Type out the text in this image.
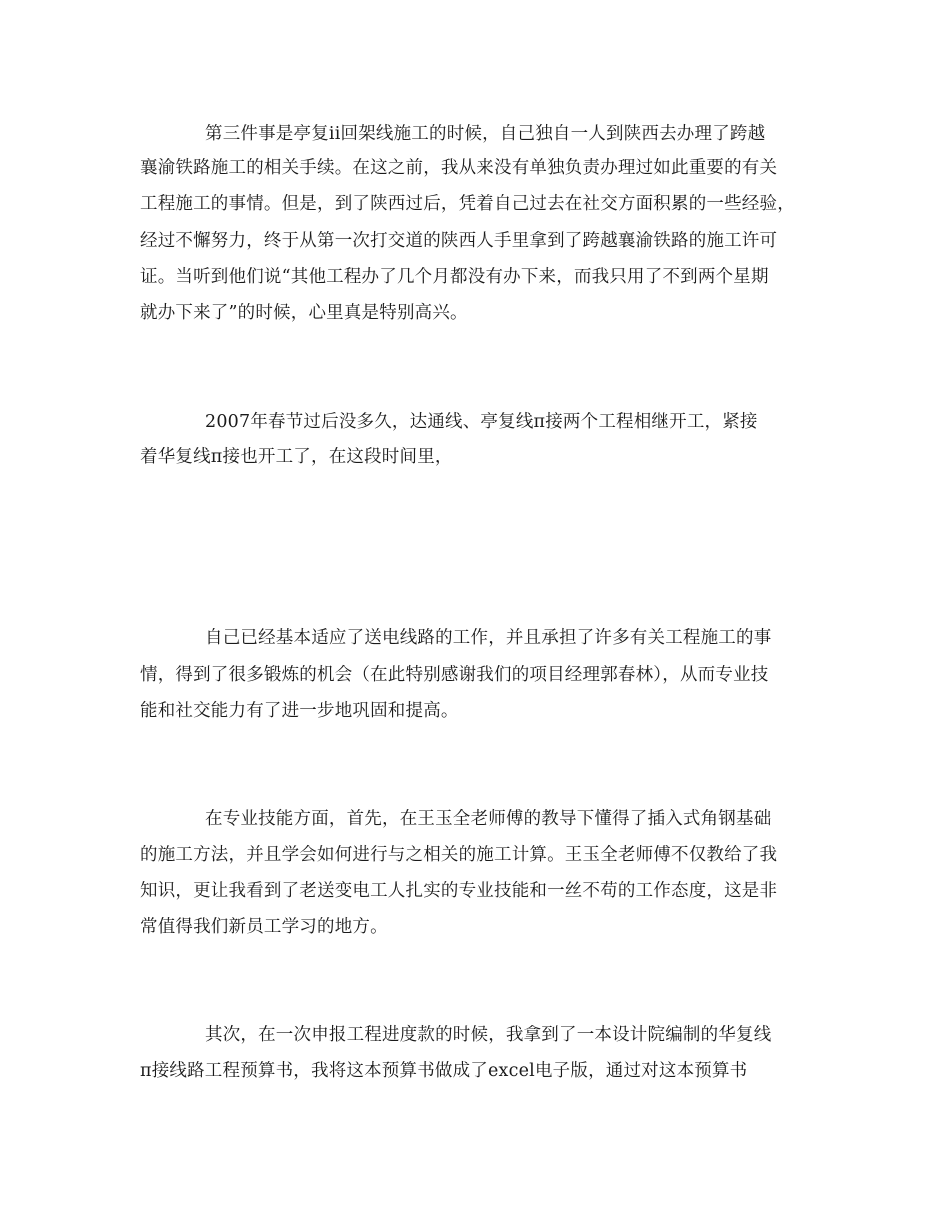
第三件事是亭复ii回架线施工的时候，自己独自一人到陕西去办理了跨越
襄渝铁路施工的相关手续。在这之前，我从来没有单独负责办理过如此重要的有关
工程施工的事情。但是，到了陕西过后，凭着自己过去在社交方面积累的一些经验，
经过不懈努力，终于从第一次打交道的陕西人手里拿到了跨越襄渝铁路的施工许可
证。当听到他们说“其他工程办了几个月都没有办下来，而我只用了不到两个星期
就办下来了”的时候，心里真是特别高兴。
2007年春节过后没多久，达通线、亭复线π接两个工程相继开工，紧接
着华复线π接也开工了，在这段时间里，
自己已经基本适应了送电线路的工作，并且承担了许多有关工程施工的事
情，得到了很多锻炼的机会（在此特别感谢我们的项目经理郭春林），从而专业技
能和社交能力有了进一步地巩固和提高。
在专业技能方面，首先，在王玉全老师傅的教导下懂得了插入式角钢基础
的施工方法，并且学会如何进行与之相关的施工计算。王玉全老师傅不仅教给了我
知识，更让我看到了老送变电工人扎实的专业技能和一丝不苟的工作态度，这是非
常值得我们新员工学习的地方。
其次，在一次申报工程进度款的时候，我拿到了一本设计院编制的华复线
π接线路工程预算书，我将这本预算书做成了excel电子版，通过对这本预算书
